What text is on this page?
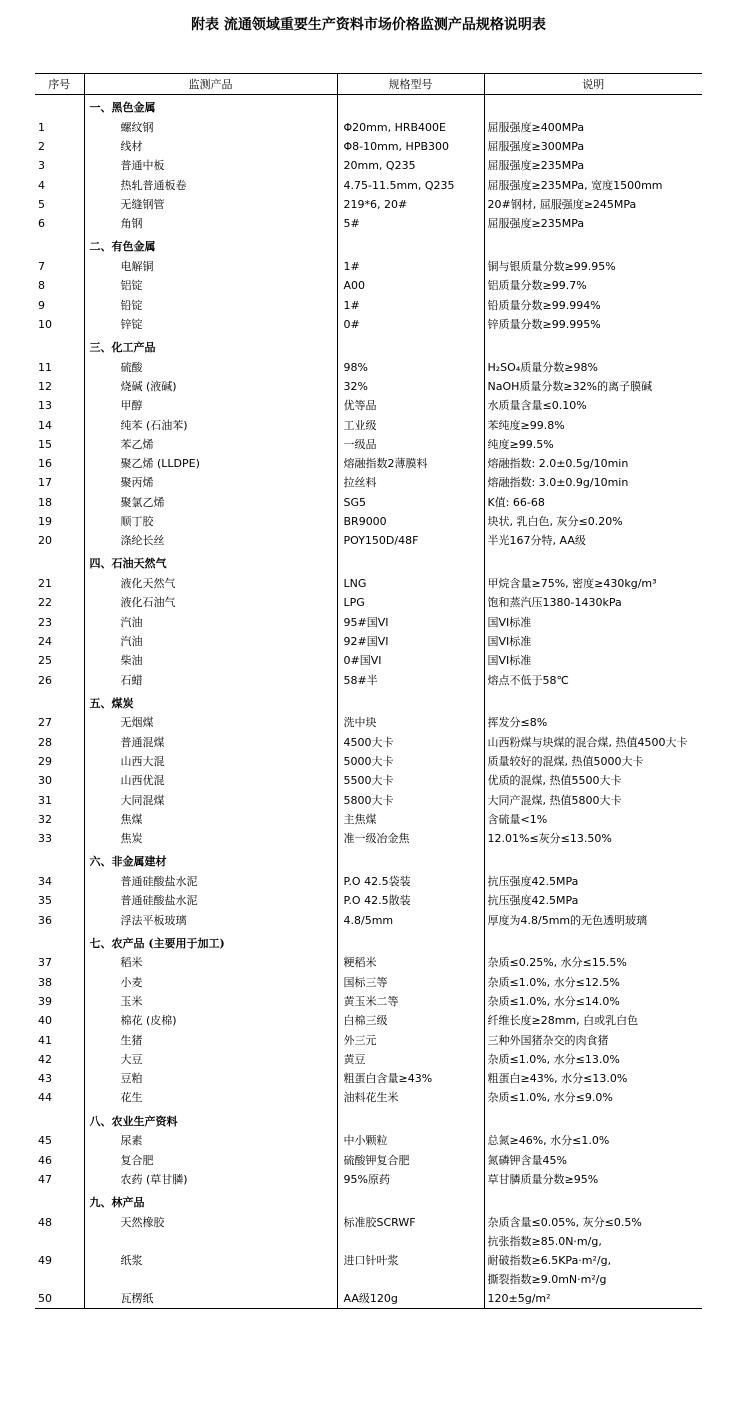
附表 流通领域重要生产资料市场价格监测产品规格说明表
序号	监测产品	规格型号	说明
	一、黑色金属		
1	螺纹钢	Φ20mm, HRB400E	屈服强度≥400MPa
2	线材	Φ8-10mm, HPB300	屈服强度≥300MPa
3	普通中板	20mm, Q235	屈服强度≥235MPa
4	热轧普通板卷	4.75-11.5mm, Q235	屈服强度≥235MPa, 宽度1500mm
5	无缝钢管	219*6, 20#	20#钢材, 屈服强度≥245MPa
6	角钢	5#	屈服强度≥235MPa
	二、有色金属		
7	电解铜	1#	铜与银质量分数≥99.95%
8	铝锭	A00	铝质量分数≥99.7%
9	铅锭	1#	铅质量分数≥99.994%
10	锌锭	0#	锌质量分数≥99.995%
	三、化工产品		
11	硫酸	98%	H₂SO₄质量分数≥98%
12	烧碱 (液碱)	32%	NaOH质量分数≥32%的离子膜碱
13	甲醇	优等品	水质量含量≤0.10%
14	纯苯 (石油苯)	工业级	苯纯度≥99.8%
15	苯乙烯	一级品	纯度≥99.5%
16	聚乙烯 (LLDPE)	熔融指数2薄膜料	熔融指数: 2.0±0.5g/10min
17	聚丙烯	拉丝料	熔融指数: 3.0±0.9g/10min
18	聚氯乙烯	SG5	K值: 66-68
19	顺丁胶	BR9000	块状, 乳白色, 灰分≤0.20%
20	涤纶长丝	POY150D/48F	半光167分特, AA级
	四、石油天然气		
21	液化天然气	LNG	甲烷含量≥75%, 密度≥430kg/m³
22	液化石油气	LPG	饱和蒸汽压1380-1430kPa
23	汽油	95#国VI	国VI标准
24	汽油	92#国VI	国VI标准
25	柴油	0#国VI	国VI标准
26	石蜡	58#半	熔点不低于58℃
	五、煤炭		
27	无烟煤	洗中块	挥发分≤8%
28	普通混煤	4500大卡	山西粉煤与块煤的混合煤, 热值4500大卡
29	山西大混	5000大卡	质量较好的混煤, 热值5000大卡
30	山西优混	5500大卡	优质的混煤, 热值5500大卡
31	大同混煤	5800大卡	大同产混煤, 热值5800大卡
32	焦煤	主焦煤	含硫量<1%
33	焦炭	准一级冶金焦	12.01%≤灰分≤13.50%
	六、非金属建材		
34	普通硅酸盐水泥	P.O 42.5袋装	抗压强度42.5MPa
35	普通硅酸盐水泥	P.O 42.5散装	抗压强度42.5MPa
36	浮法平板玻璃	4.8/5mm	厚度为4.8/5mm的无色透明玻璃
	七、农产品 (主要用于加工)		
37	稻米	粳稻米	杂质≤0.25%, 水分≤15.5%
38	小麦	国标三等	杂质≤1.0%, 水分≤12.5%
39	玉米	黄玉米二等	杂质≤1.0%, 水分≤14.0%
40	棉花 (皮棉)	白棉三级	纤维长度≥28mm, 白或乳白色
41	生猪	外三元	三种外国猪杂交的肉食猪
42	大豆	黄豆	杂质≤1.0%, 水分≤13.0%
43	豆粕	粗蛋白含量≥43%	粗蛋白≥43%, 水分≤13.0%
44	花生	油料花生米	杂质≤1.0%, 水分≤9.0%
	八、农业生产资料		
45	尿素	中小颗粒	总氮≥46%, 水分≤1.0%
46	复合肥	硫酸钾复合肥	氮磷钾含量45%
47	农药 (草甘膦)	95%原药	草甘膦质量分数≥95%
	九、林产品		
48	天然橡胶	标准胶SCRWF	杂质含量≤0.05%, 灰分≤0.5%
49	纸浆	进口针叶浆	抗张指数≥85.0N·m/g,
耐破指数≥6.5KPa·m²/g,
撕裂指数≥9.0mN·m²/g

50	瓦楞纸	AA级120g	120±5g/m²
